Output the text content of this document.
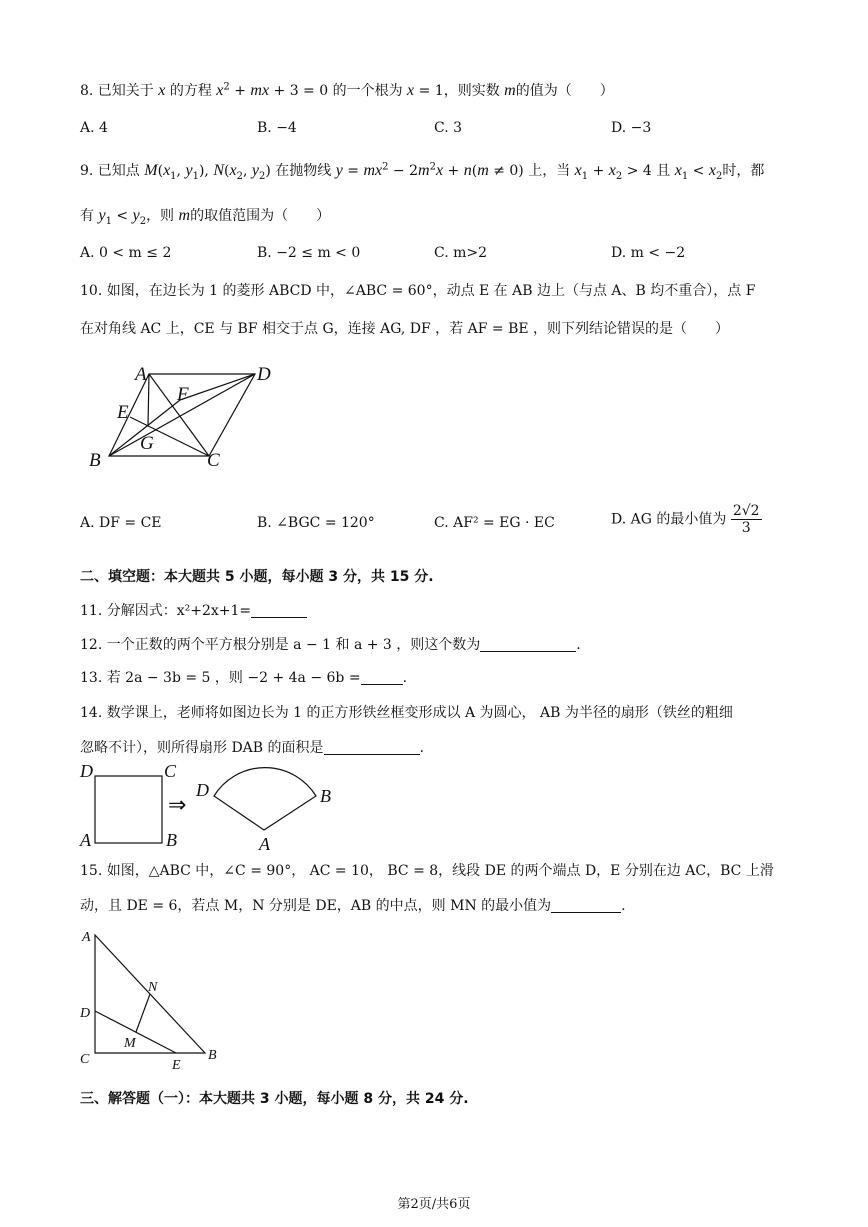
8. 已知关于 x 的方程 $x^2$ + mx + 3 = 0 的一个根为 x = 1，则实数 m的值为（　　）
A. 4	B. −4	C. 3	D. −3
9. 已知点 $M(x_1$, $y_1$), $N(x_2$, $y_2$) 在抛物线 $y = mx^2 - 2m^2x + n(m \ne 0)$ 上，当 $x_1 + x_2 > 4$ 且 $x_1 < x_2$时，都
有 $y_1 < y_2$，则 m的取值范围为（　　）
A. 0 < m ≤ 2	B. −2 ≤ m < 0	C. m>2	D. m < −2
10. 如图，在边长为 1 的菱形 ABCD 中，∠ABC = 60°，动点 E 在 AB 边上（与点 A、B 均不重合），点 F
在对角线 AC 上，CE 与 BF 相交于点 G，连接 AG, DF ，若 AF = BE ，则下列结论错误的是（　　）
A	D
F
E
G
B	C
A. DF = CE	B. ∠BGC = 120°	C. AF² = EG · EC	D. AG 的最小值为 $\frac{2√2}{3}$
二、填空题：本大题共 5 小题，每小题 3 分，共 15 分.
11. 分解因式：x²+2x+1=
12. 一个正数的两个平方根分别是 a − 1 和 a + 3 ，则这个数为	.
13. 若 2a − 3b = 5 ，则 −2 + 4a − 6b =	.
14. 数学课上，老师将如图边长为 1 的正方形铁丝框变形成以 A 为圆心， AB 为半径的扇形（铁丝的粗细
忽略不计），则所得扇形 DAB 的面积是	.
D	C
A	B
⇒
D	B
A
15. 如图，△ABC 中，∠C = 90°， AC = 10， BC = 8，线段 DE 的两个端点 D，E 分别在边 AC，BC 上滑
动，且 DE = 6，若点 M，N 分别是 DE，AB 的中点，则 MN 的最小值为	.
A
N
D
M
C	E
B
三、解答题（一）：本大题共 3 小题，每小题 8 分，共 24 分.
第2页/共6页
